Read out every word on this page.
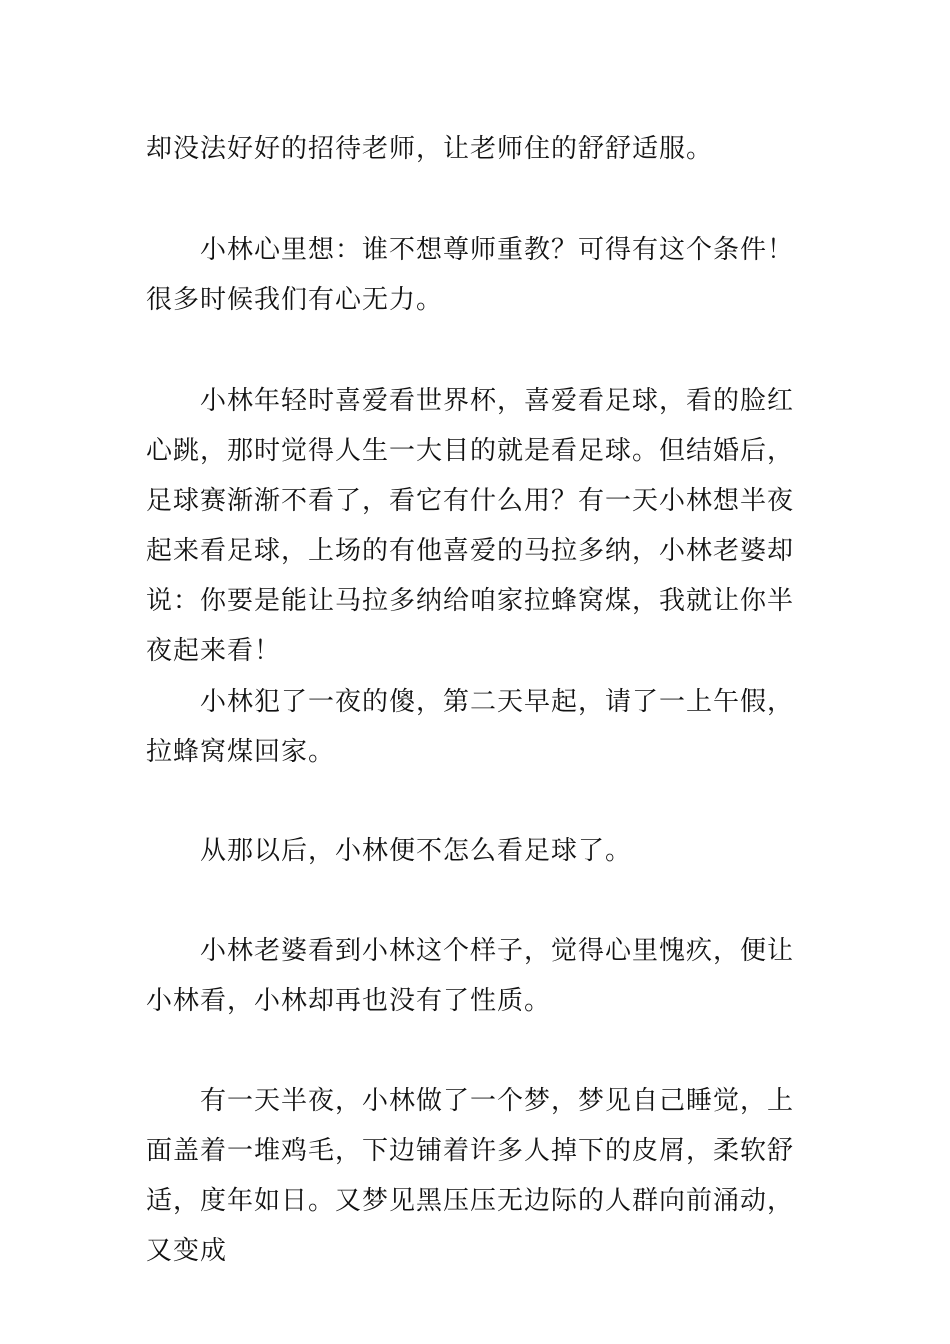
却没法好好的招待老师，让老师住的舒舒适服。

小林心里想：谁不想尊师重教？可得有这个条件！很多时候我们有心无力。

小林年轻时喜爱看世界杯，喜爱看足球，看的脸红心跳，那时觉得人生一大目的就是看足球。但结婚后，足球赛渐渐不看了，看它有什么用？有一天小林想半夜起来看足球，上场的有他喜爱的马拉多纳，小林老婆却说：你要是能让马拉多纳给咱家拉蜂窝煤，我就让你半夜起来看！

小林犯了一夜的傻，第二天早起，请了一上午假，拉蜂窝煤回家。

从那以后，小林便不怎么看足球了。

小林老婆看到小林这个样子，觉得心里愧疚，便让小林看，小林却再也没有了性质。

有一天半夜，小林做了一个梦，梦见自己睡觉，上面盖着一堆鸡毛，下边铺着许多人掉下的皮屑，柔软舒适，度年如日。又梦见黑压压无边际的人群向前涌动，又变成
